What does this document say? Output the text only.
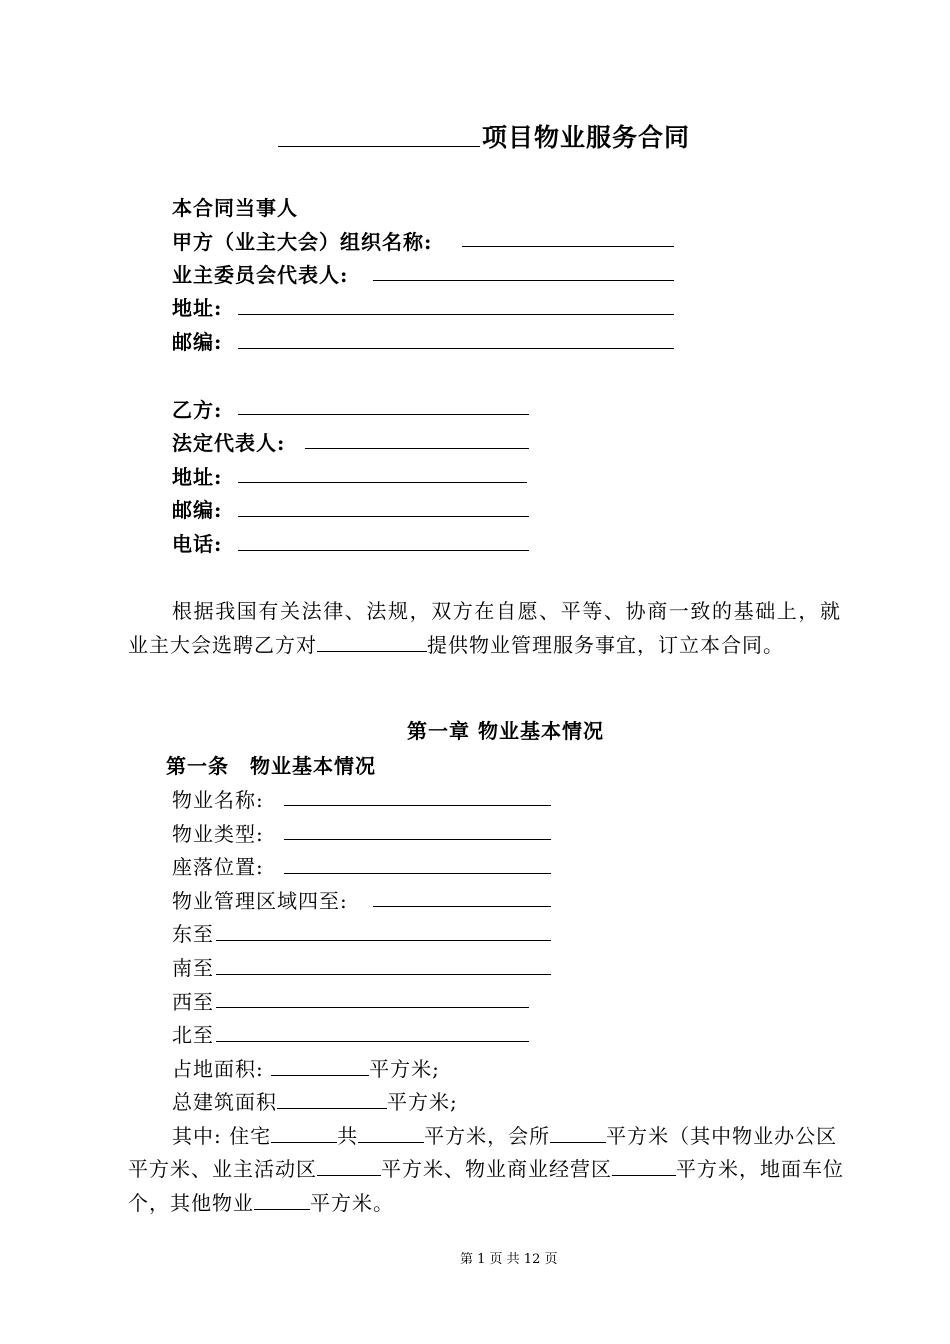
项目物业服务合同
本合同当事人
甲方（业主大会）组织名称:
业主委员会代表人:
地址:
邮编:
乙方:
法定代表人:
地址:
邮编:
电话:
根据我国有关法律、法规，双方在自愿、平等、协商一致的基础上，就
业主大会选聘乙方对	提供物业管理服务事宜，订立本合同。
第一章 物业基本情况
第一条　物业基本情况
物业名称:
物业类型:
座落位置:
物业管理区域四至:
东至
南至
西至
北至
占地面积:	平方米;
总建筑面积	平方米;
其中: 住宅	共	平方米，会所	平方米（其中物业办公区
平方米、业主活动区	平方米、物业商业经营区	平方米，地面车位
个，其他物业	平方米。
第 1 页 共 12 页
